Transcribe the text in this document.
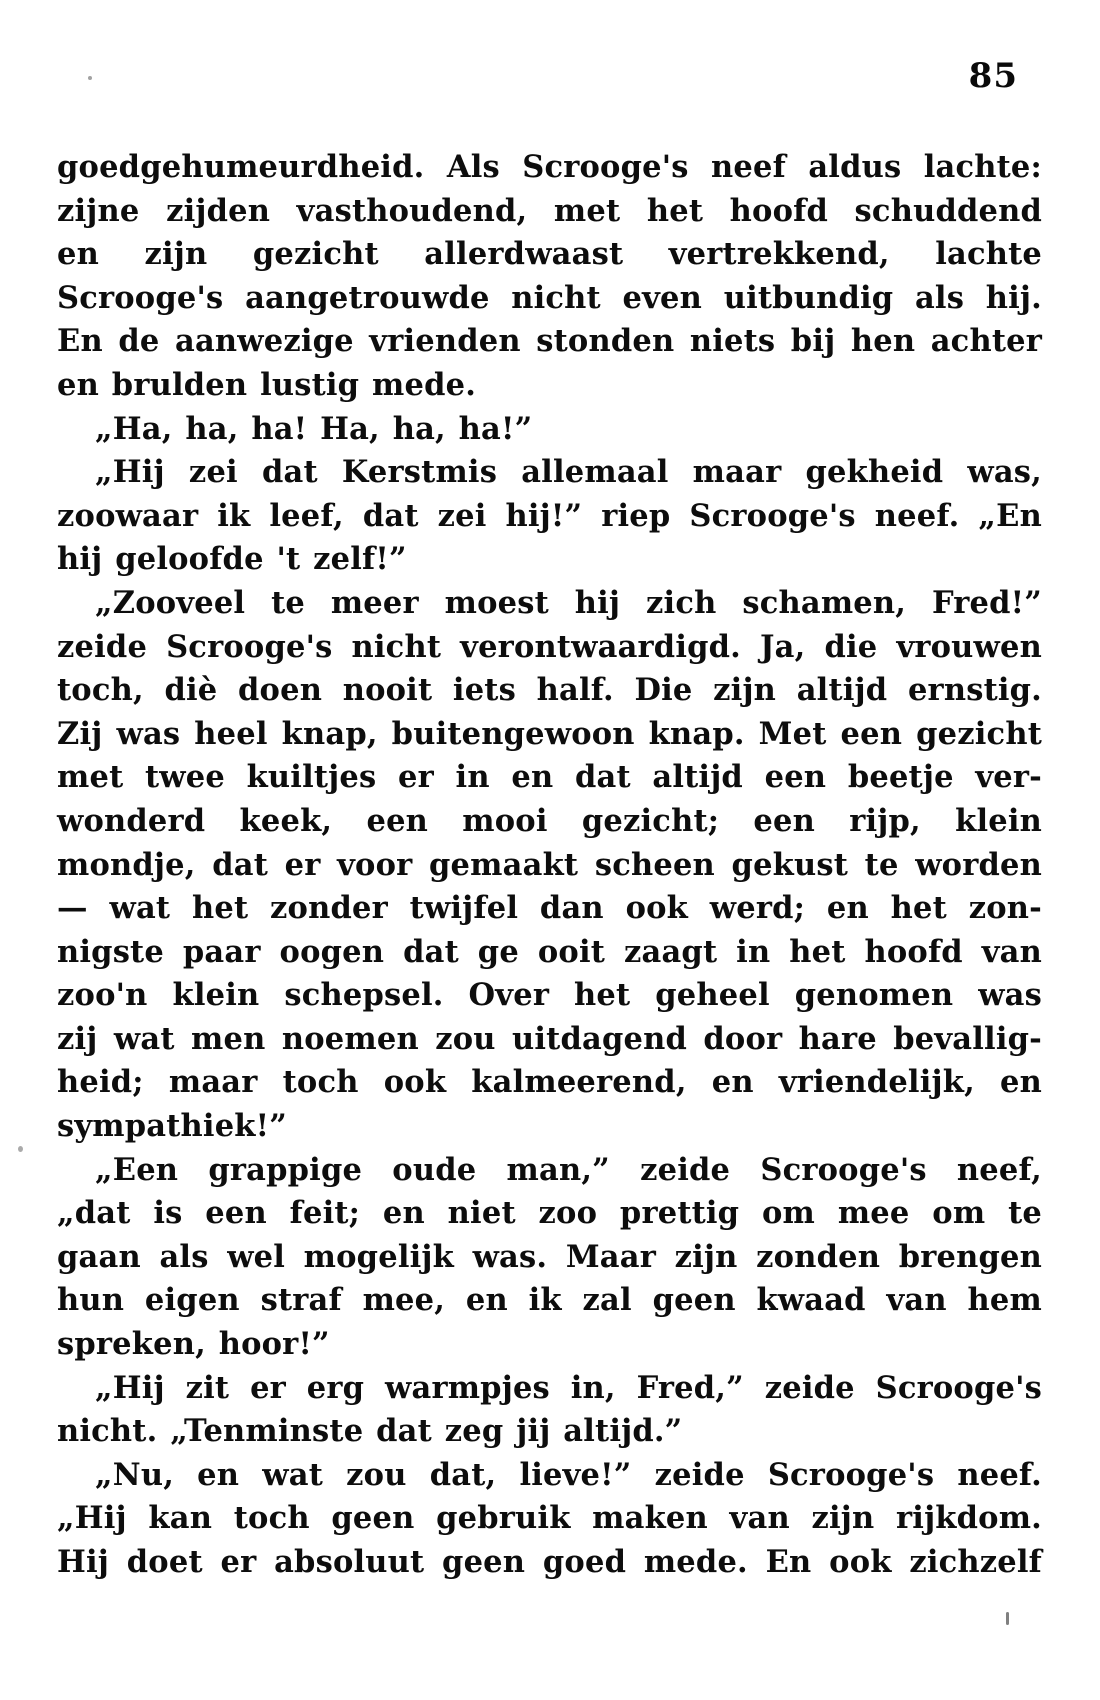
85
goedgehumeurdheid. Als Scrooge's neef aldus lachte:
zijne zijden vasthoudend, met het hoofd schuddend
en zijn gezicht allerdwaast vertrekkend, lachte
Scrooge's aangetrouwde nicht even uitbundig als hij.
En de aanwezige vrienden stonden niets bij hen achter
en brulden lustig mede.
„Ha, ha, ha! Ha, ha, ha!”
„Hij zei dat Kerstmis allemaal maar gekheid was,
zoowaar ik leef, dat zei hij!” riep Scrooge's neef. „En
hij geloofde 't zelf!”
„Zooveel te meer moest hij zich schamen, Fred!”
zeide Scrooge's nicht verontwaardigd. Ja, die vrouwen
toch, diè doen nooit iets half. Die zijn altijd ernstig.
Zij was heel knap, buitengewoon knap. Met een gezicht
met twee kuiltjes er in en dat altijd een beetje ver-
wonderd keek, een mooi gezicht; een rijp, klein
mondje, dat er voor gemaakt scheen gekust te worden
— wat het zonder twijfel dan ook werd; en het zon-
nigste paar oogen dat ge ooit zaagt in het hoofd van
zoo'n klein schepsel. Over het geheel genomen was
zij wat men noemen zou uitdagend door hare bevallig-
heid; maar toch ook kalmeerend, en vriendelijk, en
sympathiek!”
„Een grappige oude man,” zeide Scrooge's neef,
„dat is een feit; en niet zoo prettig om mee om te
gaan als wel mogelijk was. Maar zijn zonden brengen
hun eigen straf mee, en ik zal geen kwaad van hem
spreken, hoor!”
„Hij zit er erg warmpjes in, Fred,” zeide Scrooge's
nicht. „Tenminste dat zeg jij altijd.”
„Nu, en wat zou dat, lieve!” zeide Scrooge's neef.
„Hij kan toch geen gebruik maken van zijn rijkdom.
Hij doet er absoluut geen goed mede. En ook zichzelf
